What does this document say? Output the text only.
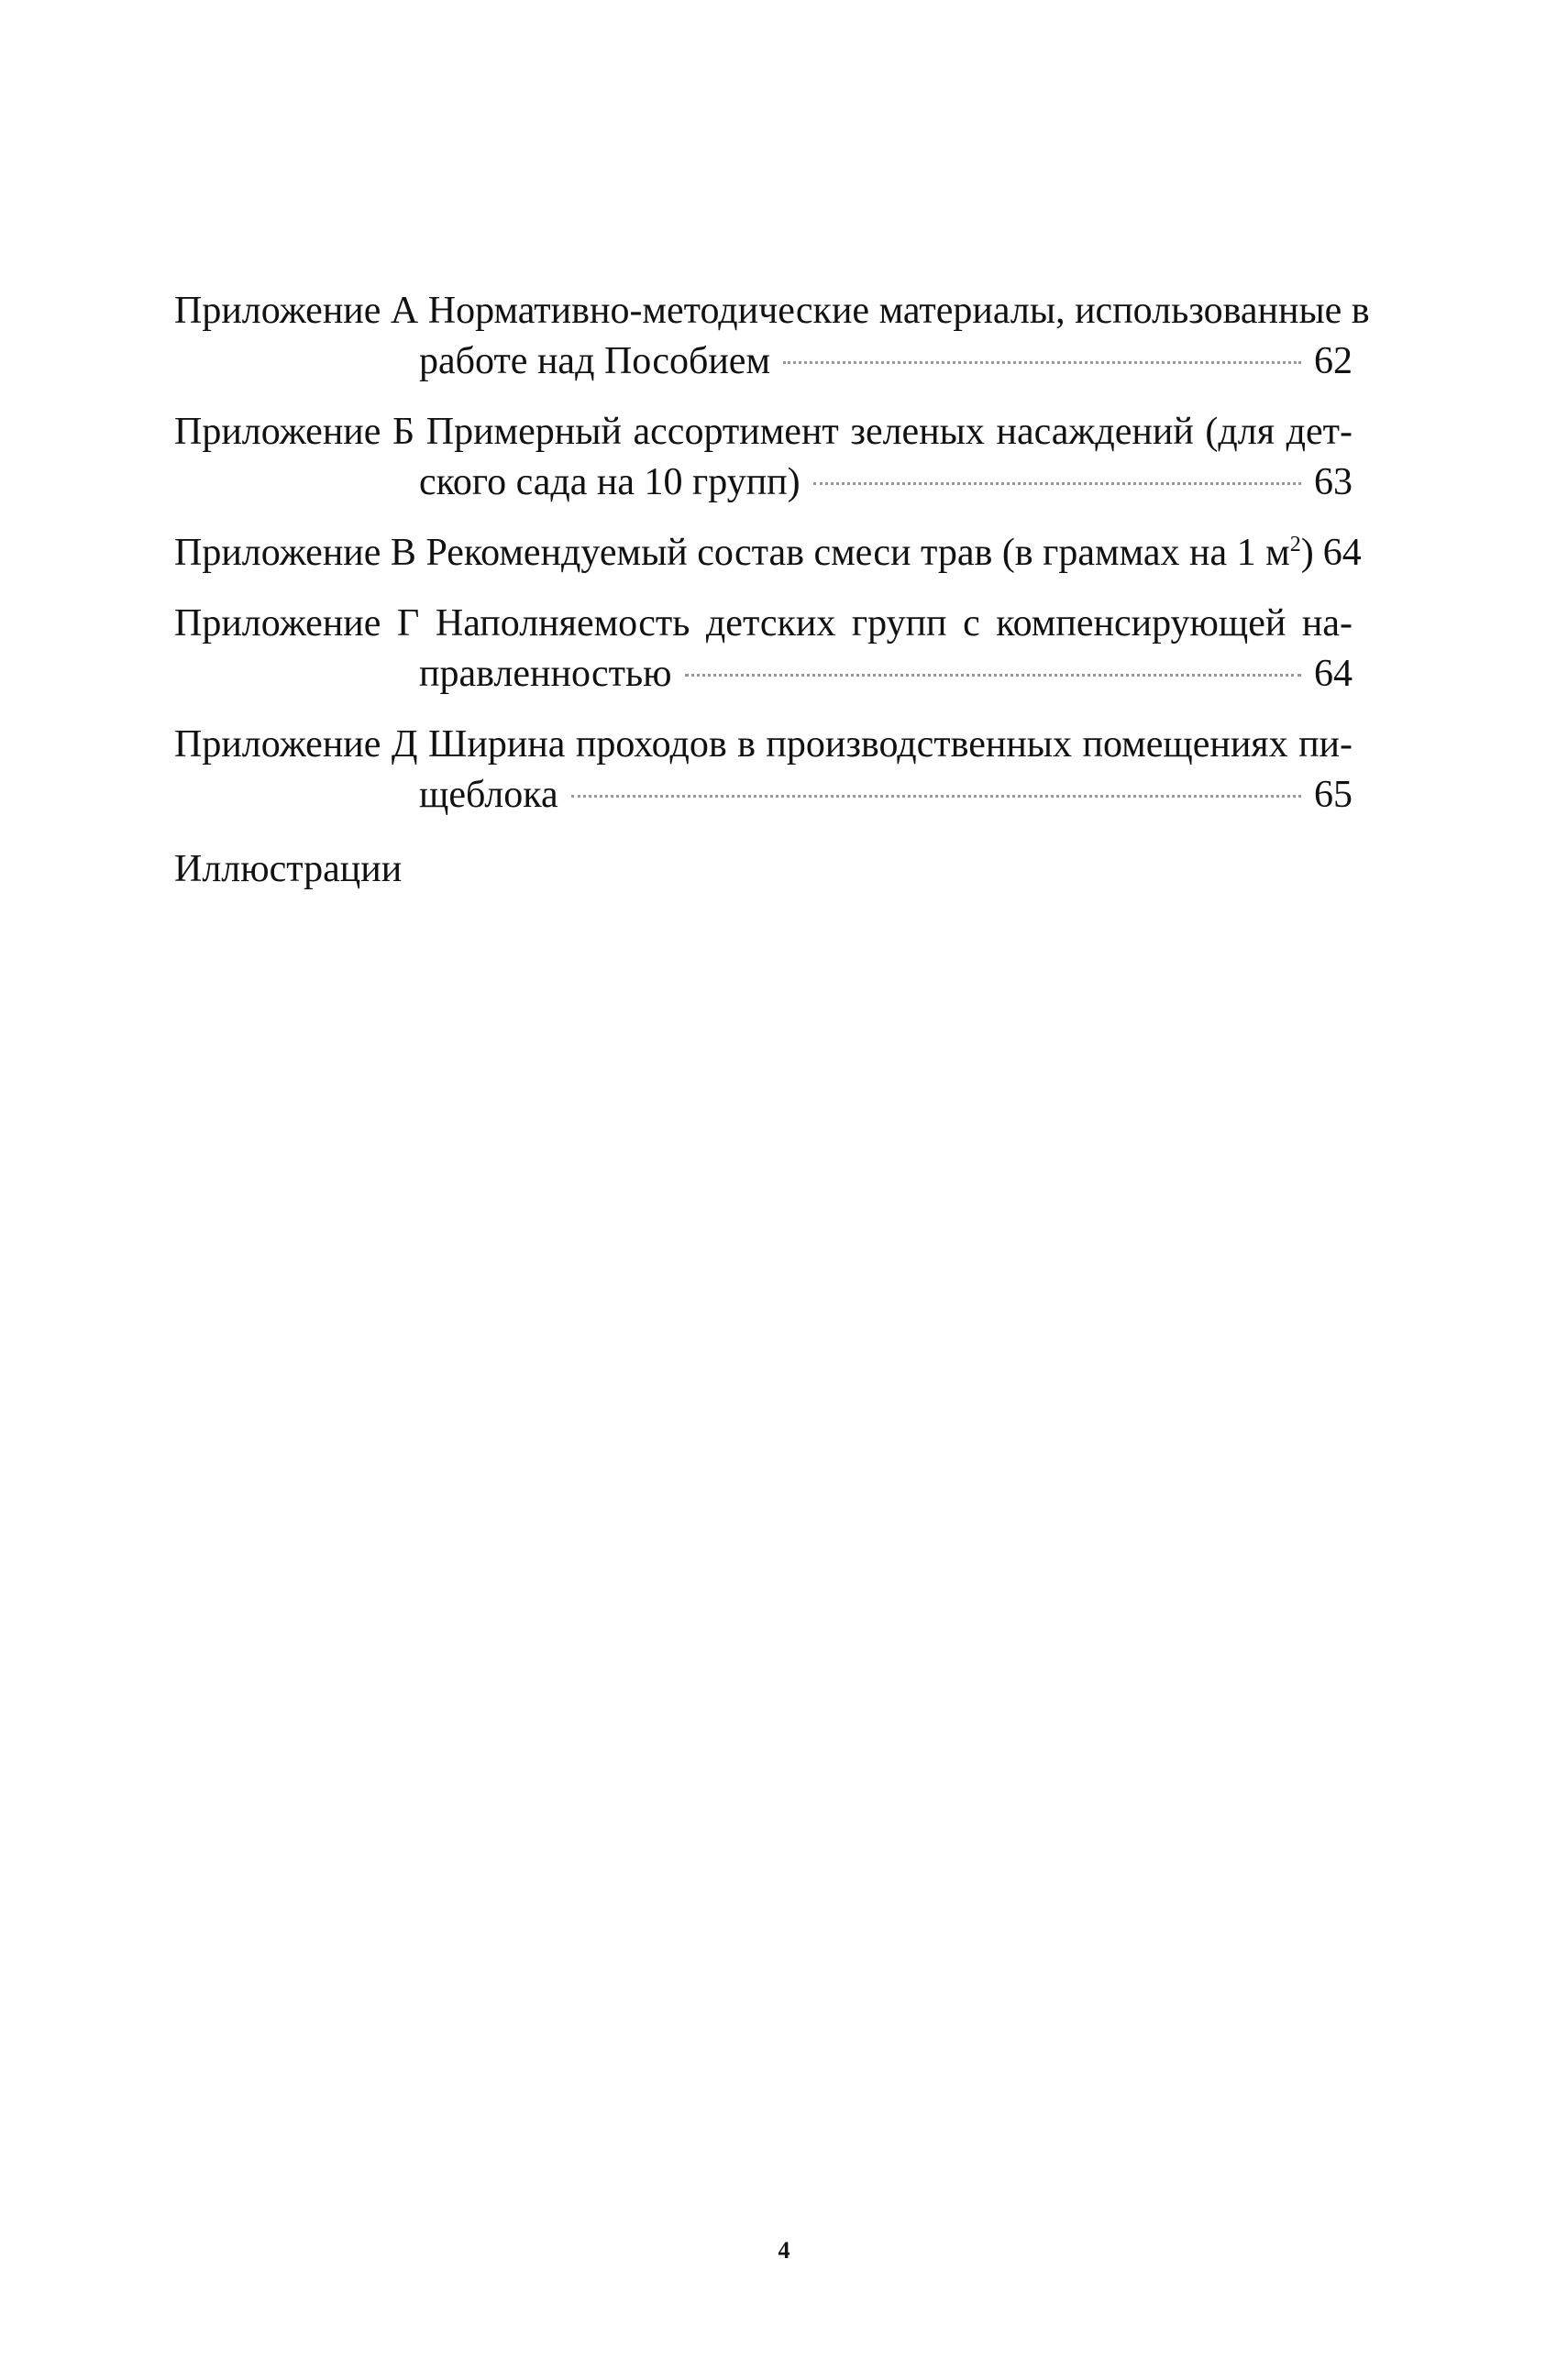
Приложение А Нормативно-методические материалы, использованные в
работе над Пособием	62
Приложение Б Примерный ассортимент зеленых насаждений (для дет-
ского сада на 10 групп)	63
Приложение В Рекомендуемый состав смеси трав (в граммах на 1 $м^2$) 64
Приложение Г Наполняемость детских групп с компенсирующей на-
правленностью	64
Приложение Д Ширина проходов в производственных помещениях пи-
щеблока	65
Иллюстрации
4
